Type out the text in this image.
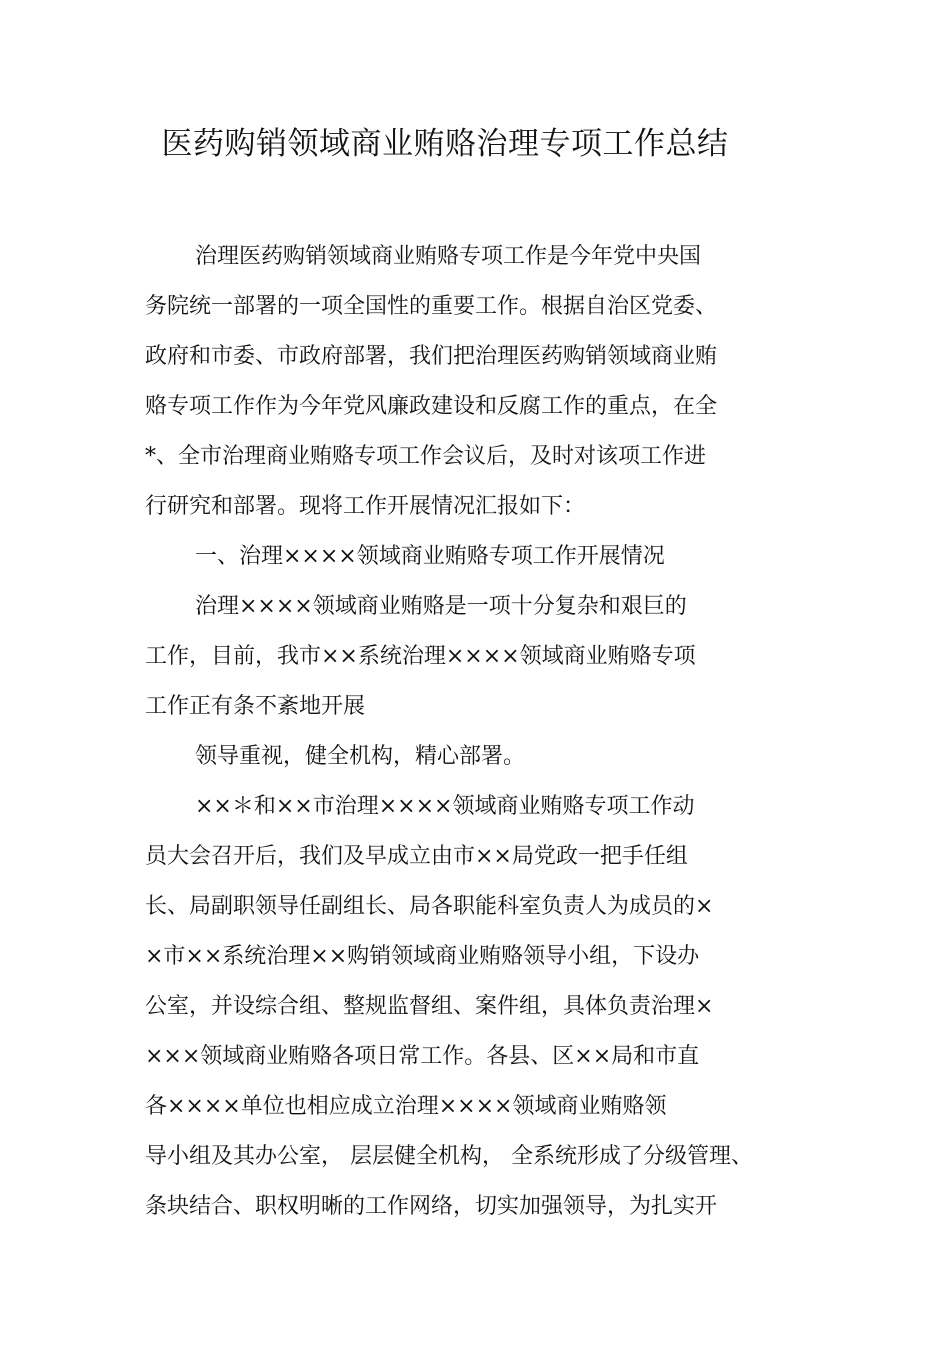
医药购销领域商业贿赂治理专项工作总结

治理医药购销领域商业贿赂专项工作是今年党中央国

务院统一部署的一项全国性的重要工作。根据自治区党委、

政府和市委、市政府部署，我们把治理医药购销领域商业贿

赂专项工作作为今年党风廉政建设和反腐工作的重点，在全

*、全市治理商业贿赂专项工作会议后，及时对该项工作进

行研究和部署。现将工作开展情况汇报如下：

一、治理××××领域商业贿赂专项工作开展情况

治理××××领域商业贿赂是一项十分复杂和艰巨的

工作，目前，我市××系统治理××××领域商业贿赂专项

工作正有条不紊地开展

领导重视，健全机构，精心部署。

××＊和××市治理××××领域商业贿赂专项工作动

员大会召开后，我们及早成立由市××局党政一把手任组

长、局副职领导任副组长、局各职能科室负责人为成员的×

×市××系统治理××购销领域商业贿赂领导小组，下设办

公室，并设综合组、整规监督组、案件组，具体负责治理×

×××领域商业贿赂各项日常工作。各县、区××局和市直

各××××单位也相应成立治理××××领域商业贿赂领

导小组及其办公室， 层层健全机构， 全系统形成了分级管理、

条块结合、职权明晰的工作网络，切实加强领导，为扎实开
